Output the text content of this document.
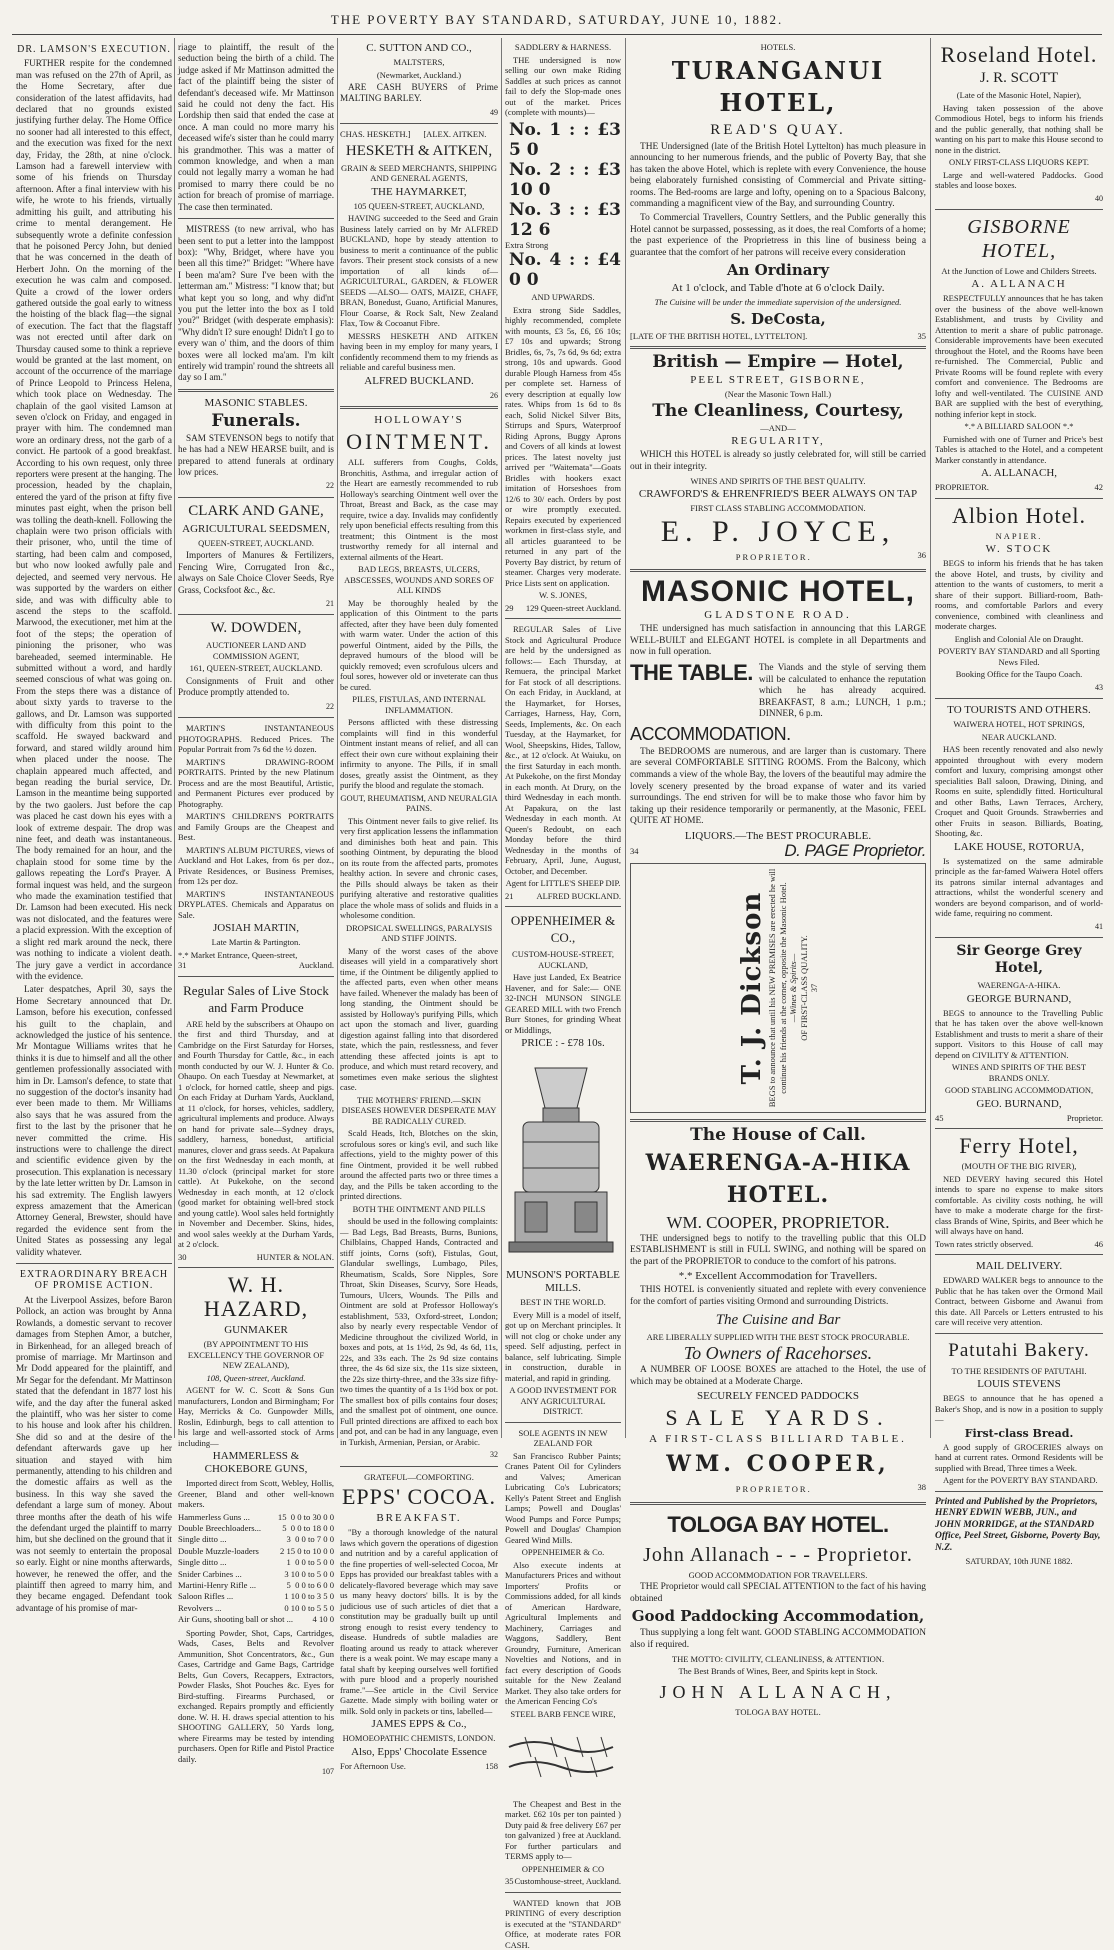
THE POVERTY BAY STANDARD, SATURDAY, JUNE 10, 1882.
DR. LAMSON'S EXECUTION.

FURTHER respite for the condemned man was refused on the 27th of April, as the Home Secretary, after due consideration of the latest affidavits, had declared that no grounds existed justifying further delay. The Home Office no sooner had all interested to this effect, and the execution was fixed for the next day, Friday, the 28th, at nine o'clock. Lamson had a farewell interview with some of his friends on Thursday afternoon. After a final interview with his wife, he wrote to his friends, virtually admitting his guilt, and attributing his crime to mental derangement. He subsequently wrote a definite confession that he poisoned Percy John, but denied that he was concerned in the death of Herbert John. On the morning of the execution he was calm and composed. Quite a crowd of the lower orders gathered outside the goal early to witness the hoisting of the black flag—the signal of execution. The fact that the flagstaff was not erected until after dark on Thursday caused some to think a reprieve would be granted at the last moment, on account of the occurrence of the marriage of Prince Leopold to Princess Helena, which took place on Wednesday. The chaplain of the gaol visited Lamson at seven o'clock on Friday, and engaged in prayer with him. The condemned man wore an ordinary dress, not the garb of a convict. He partook of a good breakfast. According to his own request, only three reporters were present at the hanging. The procession, headed by the chaplain, entered the yard of the prison at fifty five minutes past eight, when the prison bell was tolling the death-knell. Following the chaplain were two prison officials with their prisoner, who, until the time of starting, had been calm and composed, but who now looked awfully pale and dejected, and seemed very nervous. He was supported by the warders on either side, and was with difficulty able to ascend the steps to the scaffold. Marwood, the executioner, met him at the foot of the steps; the operation of pinioning the prisoner, who was bareheaded, seemed interminable. He submitted without a word, and hardly seemed conscious of what was going on. From the steps there was a distance of about sixty yards to traverse to the gallows, and Dr. Lamson was supported with difficulty from this point to the scaffold. He swayed backward and forward, and stared wildly around him when placed under the noose. The chaplain appeared much affected, and began reading the burial service, Dr. Lamson in the meantime being supported by the two gaolers. Just before the cap was placed he cast down his eyes with a look of extreme despair. The drop was nine feet, and death was instantaneous. The body remained for an hour, and the chaplain stood for some time by the gallows repeating the Lord's Prayer. A formal inquest was held, and the surgeon who made the examination testified that Dr. Lamson had been executed. His neck was not dislocated, and the features were a placid expression. With the exception of a slight red mark around the neck, there was nothing to indicate a violent death. The jury gave a verdict in accordance with the evidence.

Later despatches, April 30, says the Home Secretary announced that Dr. Lamson, before his execution, confessed his guilt to the chaplain, and acknowledged the justice of his sentence. Mr Montague Williams writes that he thinks it is due to himself and all the other gentlemen professionally associated with him in Dr. Lamson's defence, to state that no suggestion of the doctor's insanity had ever been made to them. Mr Williams also says that he was assured from the first to the last by the prisoner that he never committed the crime. His instructions were to challenge the direct and scientific evidence given by the prosecution. This explanation is necessary by the late letter written by Dr. Lamson in his sad extremity. The English lawyers express amazement that the American Attorney General, Brewster, should have regarded the evidence sent from the United States as possessing any legal validity whatever.

EXTRAORDINARY BREACH OF PROMISE ACTION.

At the Liverpool Assizes, before Baron Pollock, an action was brought by Anna Rowlands, a domestic servant to recover damages from Stephen Amor, a butcher, in Birkenhead, for an alleged breach of promise of marriage. Mr Martinson and Mr Dodd appeared for the plaintiff, and Mr Segar for the defendant. Mr Mattinson stated that the defendant in 1877 lost his wife, and the day after the funeral asked the plaintiff, who was her sister to come to his house and look after his children. She did so and at the desire of the defendant afterwards gave up her situation and stayed with him permanently, attending to his children and the domestic affairs as well as the business. In this way she saved the defendant a large sum of money. About three months after the death of his wife the defendant urged the plaintiff to marry him, but she declined on the ground that it was not seemly to entertain the proposal so early. Eight or nine months afterwards, however, he renewed the offer, and the plaintiff then agreed to marry him, and they became engaged. Defendant took advantage of his promise of mar-

riage to plaintiff, the result of the seduction being the birth of a child. The judge asked if Mr Mattinson admitted the fact of the plaintiff being the sister of defendant's deceased wife. Mr Mattinson said he could not deny the fact. His Lordship then said that ended the case at once. A man could no more marry his deceased wife's sister than he could marry his grandmother. This was a matter of common knowledge, and when a man could not legally marry a woman he had promised to marry there could be no action for breach of promise of marriage. The case then terminated.

MISTRESS (to new arrival, who has been sent to put a letter into the lamppost box): "Why, Bridget, where have you been all this time?" Bridget: "Where have I been ma'am? Sure I've been with the letterman am." Mistress: "I know that; but what kept you so long, and why did'nt you put the letter into the box as I told you?" Bridget (with desperate emphasis): "Why didn't I? sure enough! Didn't I go to every wan o' thim, and the doors of thim boxes were all locked ma'am. I'm kilt entirely wid trampin' round the shtreets all day so I am."

MASONIC STABLES.
Funerals.

SAM STEVENSON begs to notify that he has had a NEW HEARSE built, and is prepared to attend funerals at ordinary low prices.

22
CLARK AND GANE,
AGRICULTURAL SEEDSMEN,
QUEEN-STREET, AUCKLAND.

Importers of Manures & Fertilizers, Fencing Wire, Corrugated Iron &c., always on Sale Choice Clover Seeds, Rye Grass, Cocksfoot &c., &c.

21
W. DOWDEN,
AUCTIONEER LAND AND COMMISSION AGENT,
161, QUEEN-STREET, AUCKLAND.

Consignments of Fruit and other Produce promptly attended to.

22

MARTIN'S INSTANTANEOUS PHOTOGRAPHS. Reduced Prices. The Popular Portrait from 7s 6d the ½ dozen.

MARTIN'S DRAWING-ROOM PORTRAITS. Printed by the new Platinum Process and are the most Beautiful, Artistic, and Permanent Pictures ever produced by Photography.

MARTIN'S CHILDREN'S PORTRAITS and Family Groups are the Cheapest and Best.

MARTIN'S ALBUM PICTURES, views of Auckland and Hot Lakes, from 6s per doz., Private Residences, or Business Premises, from 12s per doz.

MARTIN'S INSTANTANEOUS DRYPLATES. Chemicals and Apparatus on Sale.

JOSIAH MARTIN,
Late Martin & Partington.
*.* Market Entrance, Queen-street,
31	Auckland.
Regular Sales of Live Stock and Farm Produce

ARE held by the subscribers at Ohaupo on the first and third Thursday, and at Cambridge on the First Saturday for Horses, and Fourth Thursday for Cattle, &c., in each month conducted by our W. J. Hunter & Co. Ohaupo. On each Tuesday at Newmarket, at 1 o'clock, for horned cattle, sheep and pigs. On each Friday at Durham Yards, Auckland, at 11 o'clock, for horses, vehicles, saddlery, agricultural implements and produce. Always on hand for private sale—Sydney drays, saddlery, harness, bonedust, artificial manures, clover and grass seeds. At Papakura on the first Wednesday in each month, at 11.30 o'clock (principal market for store cattle). At Pukekohe, on the second Wednesday in each month, at 12 o'clock (good market for obtaining well-bred stock and young cattle). Wool sales held fortnightly in November and December. Skins, hides, and wool sales weekly at the Durham Yards, at 2 o'clock.

30	HUNTER & NOLAN.
W. H. HAZARD,
GUNMAKER
(BY APPOINTMENT TO HIS EXCELLENCY THE GOVERNOR OF NEW ZEALAND),
108, Queen-street, Auckland.

AGENT for W. C. Scott & Sons Gun manufacturers, London and Birmingham; For Hay, Merricks & Co. Gunpowder Mills, Roslin, Edinburgh, begs to call attention to his large and well-assorted stock of Arms including—

HAMMERLESS & CHOKEBORE GUNS,

Imported direct from Scott, Webley, Hollis, Greener, Bland and other well-known makers.

Hammerless Guns ...	15  0 0 to 30 0 0
Double Breechloaders... 5  0 0 to 18 0 0
Single ditto ...	3  0 0 to 7 0 0
Double Muzzle-loaders 2 15 0 to 10 0 0
Single ditto ...	1  0 0 to 5 0 0
Snider Carbines ...	3 10 0 to 5 0 0
Martini-Henry Rifle ...	5  0 0 to 6 0 0
Saloon Rifles ...	1 10 0 to 3 5 0
Revolvers ...	0 10 0 to 5 5 0
Air Guns, shooting ball or shot ... 4 10 0

Sporting Powder, Shot, Caps, Cartridges, Wads, Cases, Belts and Revolver Ammunition, Shot Concentrators, &c., Gun Cases, Cartridge and Game Bags, Cartridge Belts, Gun Covers, Recappers, Extractors, Powder Flasks, Shot Pouches &c. Eyes for Bird-stuffing. Firearms Purchased, or exchanged. Repairs promptly and efficiently done. W. H. H. draws special attention to his SHOOTING GALLERY, 50 Yards long, where Firearms may be tested by intending purchasers. Open for Rifle and Pistol Practice daily.

107
C. SUTTON AND CO.,
MALTSTERS,
(Newmarket, Auckland.)

ARE CASH BUYERS of Prime MALTING BARLEY.

49
CHAS. HESKETH.]      [ALEX. AITKEN.
HESKETH & AITKEN,
GRAIN & SEED MERCHANTS, SHIPPING AND GENERAL AGENTS,
THE HAYMARKET,
105 QUEEN-STREET, AUCKLAND,

HAVING succeeded to the Seed and Grain Business lately carried on by Mr ALFRED BUCKLAND, hope by steady attention to business to merit a continuance of the public favors. Their present stock consists of a new importation of all kinds of— AGRICULTURAL, GARDEN, & FLOWER SEEDS —ALSO— OATS, MAIZE, CHAFF, BRAN, Bonedust, Guano, Artificial Manures, Flour Coarse, & Rock Salt, New Zealand Flax, Tow & Cocoanut Fibre.

MESSRS HESKETH AND AITKEN having been in my employ for many years, I confidently recommend them to my friends as reliable and careful business men.

ALFRED BUCKLAND.
26
HOLLOWAY'S
OINTMENT.

ALL sufferers from Coughs, Colds, Bronchitis, Asthma, and irregular action of the Heart are earnestly recommended to rub Holloway's searching Ointment well over the Throat, Breast and Back, as the case may require, twice a day. Invalids may confidently rely upon beneficial effects resulting from this treatment; this Ointment is the most trustworthy remedy for all internal and external ailments of the Heart.

BAD LEGS, BREASTS, ULCERS, ABSCESSES, WOUNDS AND SORES OF ALL KINDS

May be thoroughly healed by the application of this Ointment to the parts affected, after they have been duly fomented with warm water. Under the action of this powerful Ointment, aided by the Pills, the depraved humours of the blood will be quickly removed; even scrofulous ulcers and foul sores, however old or inveterate can thus be cured.

PILES, FISTULAS, AND INTERNAL INFLAMMATION.

Persons afflicted with these distressing complaints will find in this wonderful Ointment instant means of relief, and all can effect their own cure without explaining their infirmity to anyone. The Pills, if in small doses, greatly assist the Ointment, as they purify the blood and regulate the stomach.

GOUT, RHEUMATISM, AND NEURALGIA PAINS.

This Ointment never fails to give relief. Its very first application lessens the inflammation and diminishes both heat and pain. This soothing Ointment, by depurating the blood on its route from the affected parts, promotes healthy action. In severe and chronic cases, the Pills should always be taken as their purifying alterative and restorative qualities place the whole mass of solids and fluids in a wholesome condition.

DROPSICAL SWELLINGS, PARALYSIS AND STIFF JOINTS.

Many of the worst cases of the above diseases will yield in a comparatively short time, if the Ointment be diligently applied to the affected parts, even when other means have failed. Whenever the malady has been of long standing, the Ointment should be assisted by Holloway's purifying Pills, which act upon the stomach and liver, guarding digestion against falling into that disordered state, which the pain, restlessness, and fever attending these affected joints is apt to produce, and which must retard recovery, and sometimes even make serious the slightest case.

THE MOTHERS' FRIEND.—SKIN DISEASES HOWEVER DESPERATE MAY BE RADICALLY CURED.

Scald Heads, Itch, Blotches on the skin, scrofulous sores or king's evil, and such like affections, yield to the mighty power of this fine Ointment, provided it be well rubbed around the affected parts two or three times a day, and the Pills be taken according to the printed directions.

BOTH THE OINTMENT AND PILLS

should be used in the following complaints:— Bad Legs, Bad Breasts, Burns, Bunions, Chilblains, Chapped Hands, Contracted and stiff joints, Corns (soft), Fistulas, Gout, Glandular swellings, Lumbago, Piles, Rheumatism, Scalds, Sore Nipples, Sore Throat, Skin Diseases, Scurvy, Sore Heads, Tumours, Ulcers, Wounds. The Pills and Ointment are sold at Professor Holloway's establishment, 533, Oxford-street, London; also by nearly every respectable Vendor of Medicine throughout the civilized World, in boxes and pots, at 1s 1½d, 2s 9d, 4s 6d, 11s, 22s, and 33s each. The 2s 9d size contains three, the 4s 6d size six, the 11s size sixteen, the 22s size thirty-three, and the 33s size fifty-two times the quantity of a 1s 1½d box or pot. The smallest box of pills contains four doses; and the smallest pot of ointment, one ounce. Full printed directions are affixed to each box and pot, and can be had in any language, even in Turkish, Armenian, Persian, or Arabic.

32
GRATEFUL—COMFORTING.
EPPS' COCOA.
BREAKFAST.

"By a thorough knowledge of the natural laws which govern the operations of digestion and nutrition and by a careful application of the fine properties of well-selected Cocoa, Mr Epps has provided our breakfast tables with a delicately-flavored beverage which may save us many heavy doctors' bills. It is by the judicious use of such articles of diet that a constitution may be gradually built up until strong enough to resist every tendency to disease. Hundreds of subtle maladies are floating around us ready to attack wherever there is a weak point. We may escape many a fatal shaft by keeping ourselves well fortified with pure blood and a properly nourished frame."—See article in the Civil Service Gazette. Made simply with boiling water or milk. Sold only in packets or tins, labelled—

JAMES EPPS & Co.,
HOMOEOPATHIC CHEMISTS, LONDON.
Also, Epps' Chocolate Essence
For Afternoon Use.	158
SADDLERY & HARNESS.

THE undersigned is now selling our own make Riding Saddles at such prices as cannot fail to defy the Slop-made ones out of the market. Prices (complete with mounts)—

No. 1 : : £3 5 0
No. 2 : : £3 10 0
No. 3 : : £3 12 6
Extra Strong
No. 4 : : £4 0 0
AND UPWARDS.

Extra strong Side Saddles, highly recommended, complete with mounts, £3 5s, £6, £6 10s; £7 10s and upwards; Strong Bridles, 6s, 7s, 7s 6d, 9s 6d; extra strong, 10s and upwards. Good durable Plough Harness from 45s per complete set. Harness of every description at equally low rates. Whips from 1s 6d to 8s each, Solid Nickel Silver Bits, Stirrups and Spurs, Waterproof Riding Aprons, Buggy Aprons and Covers of all kinds at lowest prices. The latest novelty just arrived per "Waitemata"—Goats Bridles with hookers exact imitation of Horseshoes from 12/6 to 30/ each. Orders by post or wire promptly executed. Repairs executed by experienced workmen in first-class style, and all articles guaranteed to be returned in any part of the Poverty Bay district, by return of steamer. Charges very moderate. Price Lists sent on application.

W. S. JONES,
29 129 Queen-street Auckland.

REGULAR Sales of Live Stock and Agricultural Produce are held by the undersigned as follows:— Each Thursday, at Remuera, the principal Market for Fat stock of all descriptions. On each Friday, in Auckland, at the Haymarket, for Horses, Carriages, Harness, Hay, Corn, Seeds, Implements, &c. On each Tuesday, at the Haymarket, for Wool, Sheepskins, Hides, Tallow, &c., at 12 o'clock. At Waiuku, on the first Saturday in each month. At Pukekohe, on the first Monday in each month. At Drury, on the third Wednesday in each month. At Papakura, on the last Wednesday in each month. At Queen's Redoubt, on each Monday before the third Wednesday in the months of February, April, June, August, October, and December.

Agent for LITTLE'S SHEEP DIP.
21	ALFRED BUCKLAND.
OPPENHEIMER & CO.,
CUSTOM-HOUSE-STREET, AUCKLAND,

Have just Landed, Ex Beatrice Havener, and for Sale:— ONE 32-INCH MUNSON SINGLE GEARED MILL with two French Burr Stones, for grinding Wheat or Middlings,

PRICE : - £78 10s.
MUNSON'S PORTABLE MILLS.
BEST IN THE WORLD.

Every Mill is a model of itself, got up on Merchant principles. It will not clog or choke under any speed. Self adjusting, perfect in balance, self lubricating. Simple in construction, durable in material, and rapid in grinding.

A GOOD INVESTMENT FOR ANY AGRICULTURAL DISTRICT.
SOLE AGENTS IN NEW ZEALAND FOR

San Francisco Rubber Paints; Cranes Patent Oil for Cylinders and Valves; American Lubricating Co's Lubricators; Kelly's Patent Street and English Lamps; Powell and Douglas' Wood Pumps and Force Pumps; Powell and Douglas' Champion Geared Wind Mills.

OPPENHEIMER & Co.

Also execute indents at Manufacturers Prices and without Importers' Profits or Commissions added, for all kinds of American Hardware, Agricultural Implements and Machinery, Carriages and Waggons, Saddlery, Bent Groundry, Furniture, American Novelties and Notions, and in fact every description of Goods suitable for the New Zealand Market. They also take orders for the American Fencing Co's

STEEL BARB FENCE WIRE,

The Cheapest and Best in the market. £62 10s per ton painted ) Duty paid & free delivery £67 per ton galvanized ) free at Auckland. For further particulars and TERMS apply to—

OPPENHEIMER & CO
35 Customhouse-street, Auckland.

WANTED known that JOB PRINTING of every description is executed at the "STANDARD" Office, at moderate rates FOR CASH.

HOTELS.
TURANGANUI HOTEL,
READ'S QUAY.

THE Undersigned (late of the British Hotel Lyttelton) has much pleasure in announcing to her numerous friends, and the public of Poverty Bay, that she has taken the above Hotel, which is replete with every Convenience, the house being elaborately furnished consisting of Commercial and Private sitting-rooms. The Bed-rooms are large and lofty, opening on to a Spacious Balcony, commanding a magnificent view of the Bay, and surrounding Country.

To Commercial Travellers, Country Settlers, and the Public generally this Hotel cannot be surpassed, possessing, as it does, the real Comforts of a home; the past experience of the Proprietress in this line of business being a guarantee that the comfort of her patrons will receive every consideration

An Ordinary
At 1 o'clock, and Table d'hote at 6 o'clock Daily.
The Cuisine will be under the immediate supervision of the undersigned.
S. DeCosta,
[LATE OF THE BRITISH HOTEL, LYTTELTON].	35
British — Empire — Hotel,
PEEL STREET, GISBORNE,
(Near the Masonic Town Hall.)
The Cleanliness, Courtesy,
—AND—
REGULARITY,

WHICH this HOTEL is already so justly celebrated for, will still be carried out in their integrity.

WINES AND SPIRITS OF THE BEST QUALITY.
CRAWFORD'S & EHRENFRIED'S BEER ALWAYS ON TAP
FIRST CLASS STABLING ACCOMMODATION.
E. P. JOYCE,
PROPRIETOR.	36
MASONIC HOTEL,
GLADSTONE ROAD.

THE undersigned has much satisfaction in announcing that this LARGE WELL-BUILT and ELEGANT HOTEL is complete in all Departments and now in full operation.

THE TABLE. The Viands and the style of serving them will be calculated to enhance the reputation which he has already acquired. BREAKFAST, 8 a.m.; LUNCH, 1 p.m.; DINNER, 6 p.m.

ACCOMMODATION.

The BEDROOMS are numerous, and are larger than is customary. There are several COMFORTABLE SITTING ROOMS. From the Balcony, which commands a view of the whole Bay, the lovers of the beautiful may admire the lovely scenery presented by the broad expanse of water and its varied surroundings. The end striven for will be to make those who favor him by taking up their residence temporarily or permanently, at the Masonic, FEEL QUITE AT HOME.

LIQUORS.—The BEST PROCURABLE.
34	D. PAGE Proprietor.
T. J. Dickson BEGS to announce that until his NEW PREMISES are erected he will continue his friends at the corner, opposite the Masonic Hotel. —Wines & Spirits— OF FIRST-CLASS QUALITY. 37
The House of Call.
WAERENGA-A-HIKA HOTEL.
WM. COOPER, PROPRIETOR.

THE undersigned begs to notify to the travelling public that this OLD ESTABLISHMENT is still in FULL SWING, and nothing will be spared on the part of the PROPRIETOR to conduce to the comfort of his patrons.

*.* Excellent Accommodation for Travellers.

THIS HOTEL is conveniently situated and replete with every convenience for the comfort of parties visiting Ormond and surrounding Districts.

The Cuisine and Bar
ARE LIBERALLY SUPPLIED WITH THE BEST STOCK PROCURABLE.
To Owners of Racehorses.

A NUMBER OF LOOSE BOXES are attached to the Hotel, the use of which may be obtained at a Moderate Charge.

SECURELY FENCED PADDOCKS
SALE YARDS.
A FIRST-CLASS BILLIARD TABLE.
WM. COOPER,
PROPRIETOR.	38
TOLOGA BAY HOTEL.
John Allanach - - - Proprietor.
GOOD ACCOMMODATION FOR TRAVELLERS.

THE Proprietor would call SPECIAL ATTENTION to the fact of his having obtained

Good Paddocking Accommodation,

Thus supplying a long felt want. GOOD STABLING ACCOMMODATION also if required.

THE MOTTO: CIVILITY, CLEANLINESS, & ATTENTION.
The Best Brands of Wines, Beer, and Spirits kept in Stock.
JOHN ALLANACH,
TOLOGA BAY HOTEL.
Roseland Hotel.
J. R. SCOTT
(Late of the Masonic Hotel, Napier),

Having taken possession of the above Commodious Hotel, begs to inform his friends and the public generally, that nothing shall be wanting on his part to make this House second to none in the district.

ONLY FIRST-CLASS LIQUORS KEPT.

Large and well-watered Paddocks. Good stables and loose boxes.

40
GISBORNE HOTEL,
At the Junction of Lowe and Childers Streets.
A. ALLANACH

RESPECTFULLY announces that he has taken over the business of the above well-known Establishment, and trusts by Civility and Attention to merit a share of public patronage. Considerable improvements have been executed throughout the Hotel, and the Rooms have been re-furnished. The Commercial, Public and Private Rooms will be found replete with every comfort and convenience. The Bedrooms are lofty and well-ventilated. The CUISINE AND BAR are supplied with the best of everything, nothing inferior kept in stock.

*.* A BILLIARD SALOON *.*

Furnished with one of Turner and Price's best Tables is attached to the Hotel, and a competent Marker constantly in attendance.

A. ALLANACH,
PROPRIETOR.	42
Albion Hotel.
NAPIER.
W. STOCK

BEGS to inform his friends that he has taken the above Hotel, and trusts, by civility and attention to the wants of customers, to merit a share of their support. Billiard-room, Bath-rooms, and comfortable Parlors and every convenience, combined with cleanliness and moderate charges.

English and Colonial Ale on Draught.
POVERTY BAY STANDARD and all Sporting News Filed.
Booking Office for the Taupo Coach.
43
TO TOURISTS AND OTHERS.
WAIWERA HOTEL, HOT SPRINGS,
NEAR AUCKLAND.

HAS been recently renovated and also newly appointed throughout with every modern comfort and luxury, comprising amongst other specialities Ball saloon, Drawing, Dining, and Rooms en suite, splendidly fitted. Horticultural and other Baths, Lawn Terraces, Archery, Croquet and Quoit Grounds. Strawberries and other Fruits in season. Billiards, Boating, Shooting, &c.

LAKE HOUSE, ROTORUA,

Is systematized on the same admirable principle as the far-famed Waiwera Hotel offers its patrons similar internal advantages and attractions, whilst the wonderful scenery and wonders are beyond comparison, and of world-wide fame, requiring no comment.

41
Sir George Grey Hotel,
WAERENGA-A-HIKA.
GEORGE BURNAND,

BEGS to announce to the Travelling Public that he has taken over the above well-known Establishment and trusts to merit a share of their support. Visitors to this House of call may depend on CIVILITY & ATTENTION.

WINES AND SPIRITS OF THE BEST BRANDS ONLY.
GOOD STABLING ACCOMMODATION,
GEO. BURNAND,
45	Proprietor.
Ferry Hotel,
(MOUTH OF THE BIG RIVER),

NED DEVERY having secured this Hotel intends to spare no expense to make sitors comfortable. As civility costs nothing, he will have to make a moderate charge for the first-class Brands of Wine, Spirits, and Beer which he will always have on hand.

Town rates strictly observed.	46
MAIL DELIVERY.

EDWARD WALKER begs to announce to the Public that he has taken over the Ormond Mail Contract, between Gisborne and Awanui from this date. All Parcels or Letters entrusted to his care will receive very attention.

Patutahi Bakery.
TO THE RESIDENTS OF PATUTAHI.
LOUIS STEVENS

BEGS to announce that he has opened a Baker's Shop, and is now in a position to supply—

First-class Bread.

A good supply of GROCERIES always on hand at current rates. Ormond Residents will be supplied with Bread, Three times a Week.

Agent for the POVERTY BAY STANDARD.

Printed and Published by the Proprietors, HENRY EDWIN WEBB, JUN., and JOHN MORRIDGE, at the STANDARD Office, Peel Street, Gisborne, Poverty Bay, N.Z.
SATURDAY, 10th JUNE 1882.
